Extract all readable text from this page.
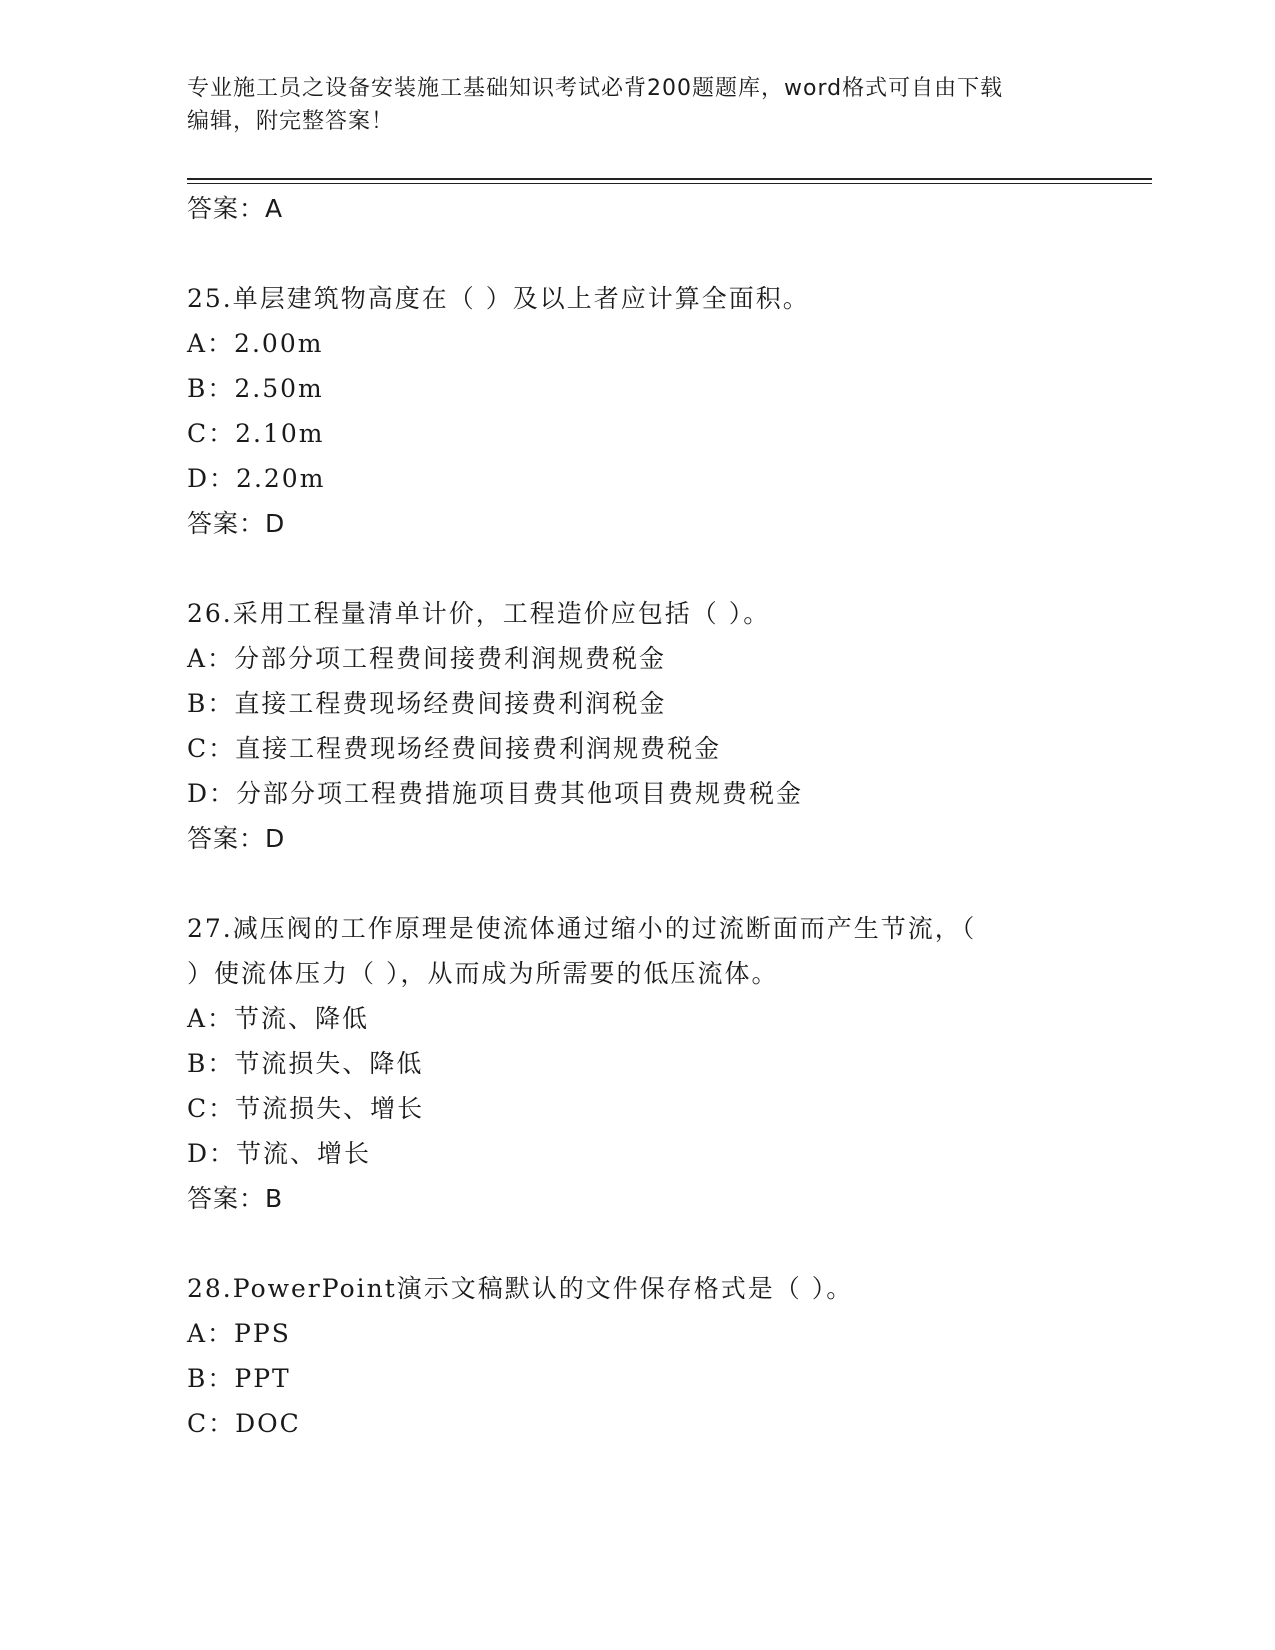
专业施工员之设备安装施工基础知识考试必背200题题库，word格式可自由下载
编辑，附完整答案！
答案：A
25.单层建筑物高度在（ ）及以上者应计算全面积。
A：2.00m
B：2.50m
C：2.10m
D：2.20m
答案：D
26.采用工程量清单计价，工程造价应包括（ ）。
A：分部分项工程费间接费利润规费税金
B：直接工程费现场经费间接费利润税金
C：直接工程费现场经费间接费利润规费税金
D：分部分项工程费措施项目费其他项目费规费税金
答案：D
27.减压阀的工作原理是使流体通过缩小的过流断面而产生节流，（
）使流体压力（ ），从而成为所需要的低压流体。
A：节流、降低
B：节流损失、降低
C：节流损失、增长
D：节流、增长
答案：B
28.PowerPoint演示文稿默认的文件保存格式是（ ）。
A：PPS
B：PPT
C：DOC
